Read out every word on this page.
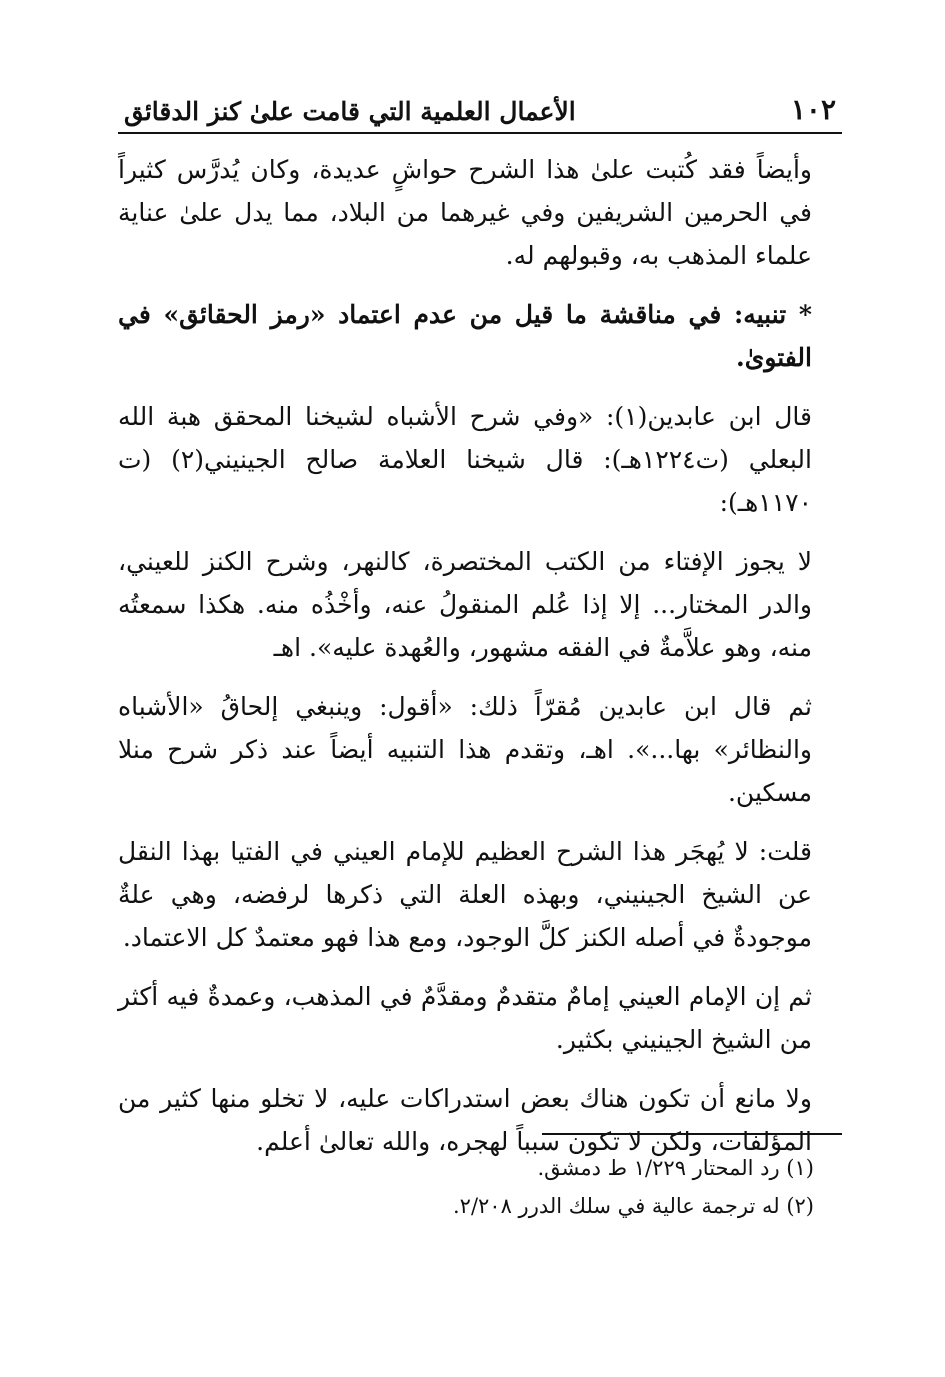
١٠٢
الأعمال العلمية التي قامت علىٰ كنز الدقائق

وأيضاً فقد كُتبت علىٰ هذا الشرح حواشٍ عديدة، وكان يُدرَّس كثيراً في الحرمين الشريفين وفي غيرهما من البلاد، مما يدل علىٰ عناية علماء المذهب به، وقبولهم له.

* تنبيه: في مناقشة ما قيل من عدم اعتماد «رمز الحقائق» في الفتوىٰ.

قال ابن عابدين(١): «وفي شرح الأشباه لشيخنا المحقق هبة الله البعلي (ت١٢٢٤هـ): قال شيخنا العلامة صالح الجينيني(٢) (ت ١١٧٠هـ):

لا يجوز الإفتاء من الكتب المختصرة، كالنهر، وشرح الكنز للعيني، والدر المختار... إلا إذا عُلم المنقولُ عنه، وأخْذُه منه. هكذا سمعتُه منه، وهو علاَّمةٌ في الفقه مشهور، والعُهدة عليه». اهـ

ثم قال ابن عابدين مُقرّاً ذلك: «أقول: وينبغي إلحاقُ «الأشباه والنظائر» بها...». اهـ، وتقدم هذا التنبيه أيضاً عند ذكر شرح منلا مسكين.

قلت: لا يُهجَر هذا الشرح العظيم للإمام العيني في الفتيا بهذا النقل عن الشيخ الجينيني، وبهذه العلة التي ذكرها لرفضه، وهي علةٌ موجودةٌ في أصله الكنز كلَّ الوجود، ومع هذا فهو معتمدٌ كل الاعتماد.

ثم إن الإمام العيني إمامٌ متقدمٌ ومقدَّمٌ في المذهب، وعمدةٌ فيه أكثر من الشيخ الجينيني بكثير.

ولا مانع أن تكون هناك بعض استدراكات عليه، لا تخلو منها كثير من المؤلفات، ولكن لا تكون سبباً لهجره، والله تعالىٰ أعلم.

(١) رد المحتار ١/٢٢٩ ط دمشق.
(٢) له ترجمة عالية في سلك الدرر ٢/٢٠٨.
